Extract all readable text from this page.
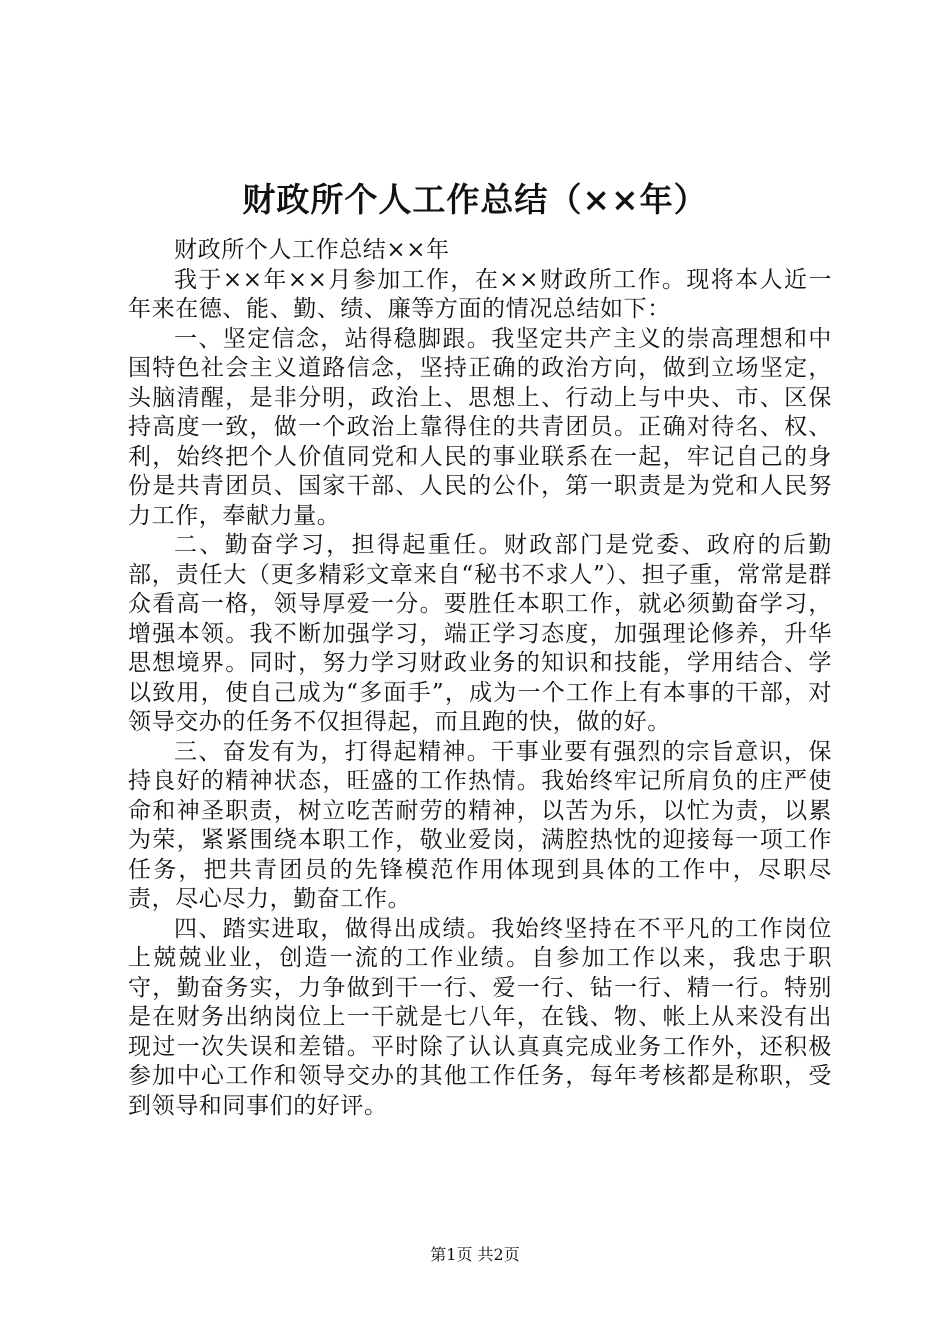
财政所个人工作总结（××年）

财政所个人工作总结××年

我于××年××月参加工作，在××财政所工作。现将本人近一年来在德、能、勤、绩、廉等方面的情况总结如下：

一、坚定信念，站得稳脚跟。我坚定共产主义的崇高理想和中国特色社会主义道路信念，坚持正确的政治方向，做到立场坚定，头脑清醒，是非分明，政治上、思想上、行动上与中央、市、区保持高度一致，做一个政治上靠得住的共青团员。正确对待名、权、利，始终把个人价值同党和人民的事业联系在一起，牢记自己的身份是共青团员、国家干部、人民的公仆，第一职责是为党和人民努力工作，奉献力量。

二、勤奋学习，担得起重任。财政部门是党委、政府的后勤部，责任大（更多精彩文章来自“秘书不求人”）、担子重，常常是群众看高一格，领导厚爱一分。要胜任本职工作，就必须勤奋学习，增强本领。我不断加强学习，端正学习态度，加强理论修养，升华思想境界。同时，努力学习财政业务的知识和技能，学用结合、学以致用，使自己成为“多面手”，成为一个工作上有本事的干部，对领导交办的任务不仅担得起，而且跑的快，做的好。

三、奋发有为，打得起精神。干事业要有强烈的宗旨意识，保持良好的精神状态，旺盛的工作热情。我始终牢记所肩负的庄严使命和神圣职责，树立吃苦耐劳的精神，以苦为乐，以忙为责，以累为荣，紧紧围绕本职工作，敬业爱岗，满腔热忱的迎接每一项工作任务，把共青团员的先锋模范作用体现到具体的工作中，尽职尽责，尽心尽力，勤奋工作。

四、踏实进取，做得出成绩。我始终坚持在不平凡的工作岗位上兢兢业业，创造一流的工作业绩。自参加工作以来，我忠于职守，勤奋务实，力争做到干一行、爱一行、钻一行、精一行。特别是在财务出纳岗位上一干就是七八年，在钱、物、帐上从来没有出现过一次失误和差错。平时除了认认真真完成业务工作外，还积极参加中心工作和领导交办的其他工作任务，每年考核都是称职，受到领导和同事们的好评。

第1页 共2页
